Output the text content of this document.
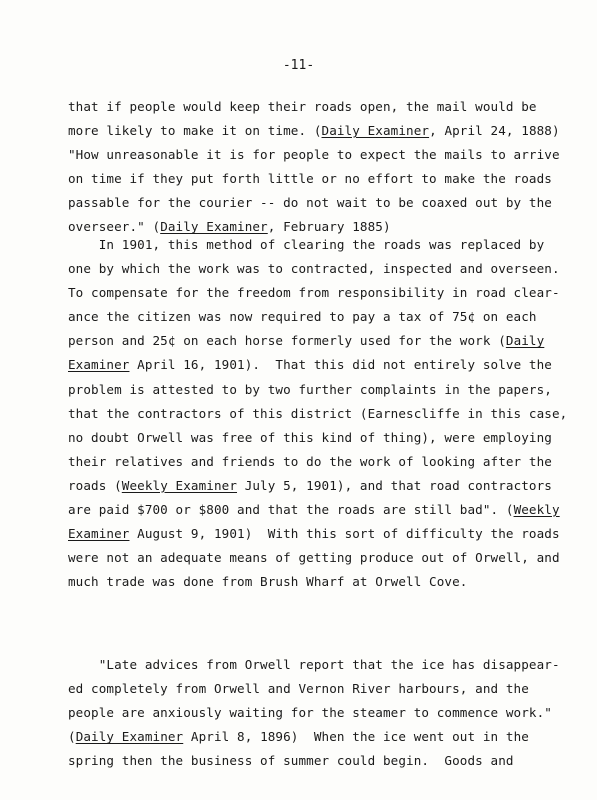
-11-
that if people would keep their roads open, the mail would be
more likely to make it on time. (Daily Examiner, April 24, 1888)
"How unreasonable it is for people to expect the mails to arrive
on time if they put forth little or no effort to make the roads
passable for the courier -- do not wait to be coaxed out by the
overseer." (Daily Examiner, February 1885)
In 1901, this method of clearing the roads was replaced by
one by which the work was to contracted, inspected and overseen.
To compensate for the freedom from responsibility in road clear-
ance the citizen was now required to pay a tax of 75¢ on each
person and 25¢ on each horse formerly used for the work (Daily
Examiner April 16, 1901).  That this did not entirely solve the
problem is attested to by two further complaints in the papers,
that the contractors of this district (Earnescliffe in this case,
no doubt Orwell was free of this kind of thing), were employing
their relatives and friends to do the work of looking after the
roads (Weekly Examiner July 5, 1901), and that road contractors
are paid $700 or $800 and that the roads are still bad". (Weekly
Examiner August 9, 1901)  With this sort of difficulty the roads
were not an adequate means of getting produce out of Orwell, and
much trade was done from Brush Wharf at Orwell Cove.
"Late advices from Orwell report that the ice has disappear-
ed completely from Orwell and Vernon River harbours, and the
people are anxiously waiting for the steamer to commence work."
(Daily Examiner April 8, 1896)  When the ice went out in the
spring then the business of summer could begin.  Goods and
